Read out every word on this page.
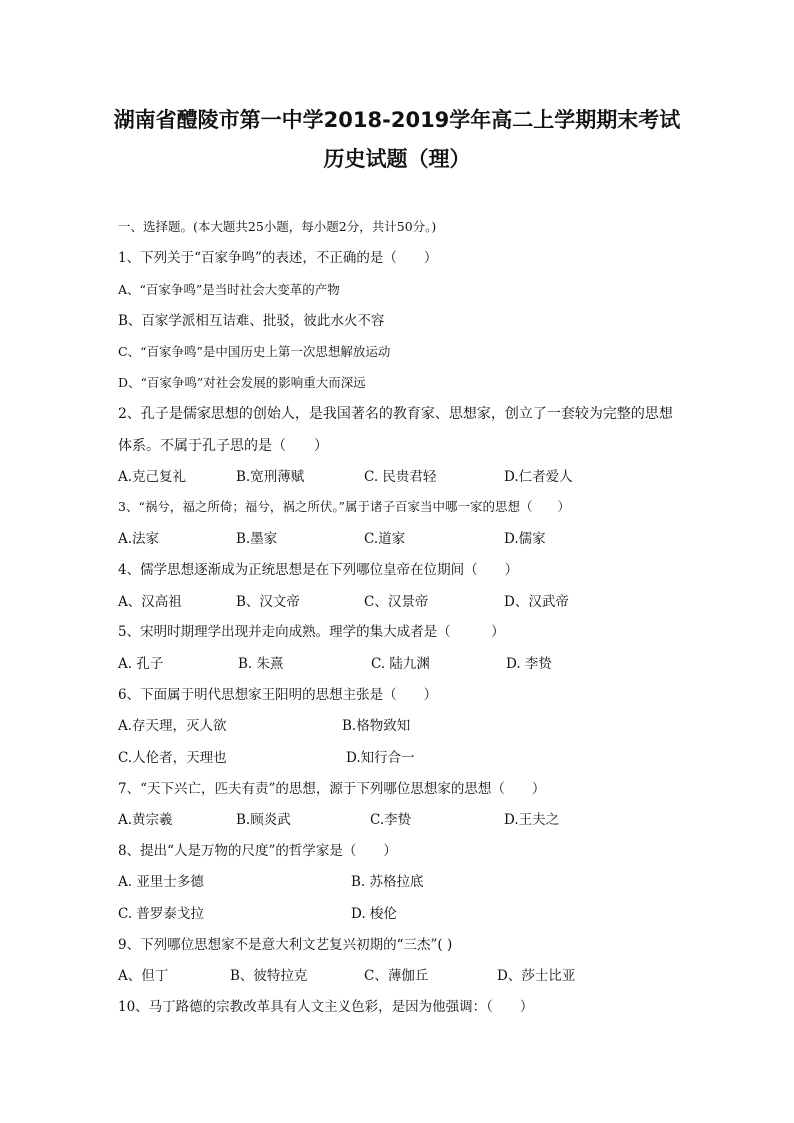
湖南省醴陵市第一中学2018-2019学年高二上学期期末考试
历史试题（理）
一、选择题。(本大题共25小题，每小题2分，共计50分。)
1、下列关于“百家争鸣”的表述，不正确的是（　　）
A、“百家争鸣”是当时社会大变革的产物
B、百家学派相互诘难、批驳，彼此水火不容
C、“百家争鸣”是中国历史上第一次思想解放运动
D、“百家争鸣”对社会发展的影响重大而深远
2、孔子是儒家思想的创始人，是我国著名的教育家、思想家，创立了一套较为完整的思想
体系。不属于孔子思的是（　　）
A.克己复礼	B.宽刑薄赋	C. 民贵君轻	D.仁者爱人
3、“祸兮，福之所倚；福兮，祸之所伏。”属于诸子百家当中哪一家的思想（　　）
A.法家	B.墨家	C.道家	D.儒家
4、儒学思想逐渐成为正统思想是在下列哪位皇帝在位期间（　　）
A、汉高祖	B、汉文帝	C、汉景帝	D、汉武帝
5、宋明时期理学出现并走向成熟。理学的集大成者是（　　　）
A. 孔子	B. 朱熹	C. 陆九渊	D. 李贽
6、下面属于明代思想家王阳明的思想主张是（　　）
A.存天理，灭人欲	B.格物致知
C.人伦者，天理也	D.知行合一
7、“天下兴亡，匹夫有责”的思想，源于下列哪位思想家的思想（　　）
A.黄宗羲	B.顾炎武	C.李贽	D.王夫之
8、提出“人是万物的尺度”的哲学家是（　　）
A. 亚里士多德	B. 苏格拉底
C. 普罗泰戈拉	D. 梭伦
9、下列哪位思想家不是意大利文艺复兴初期的“三杰”( )
A、但丁	B、彼特拉克	C、薄伽丘	D、莎士比亚
10、马丁路德的宗教改革具有人文主义色彩，是因为他强调：（　　）
